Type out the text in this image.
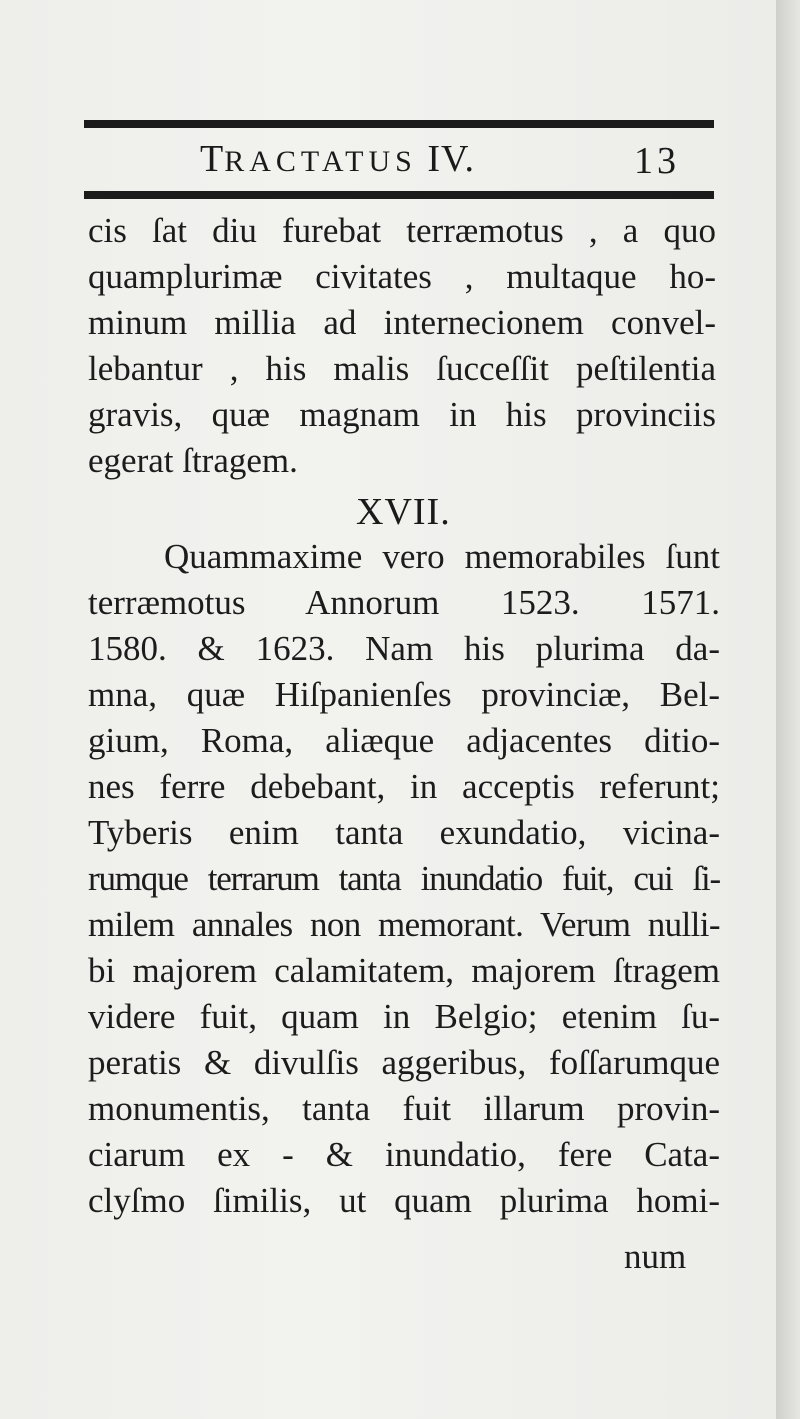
TRACTATUS IV.	13
cis ſat diu furebat terræmotus , a quo
quamplurimæ civitates , multaque ho-
minum millia ad internecionem convel-
lebantur , his malis ſucceſſit peſtilentia
gravis, quæ magnam in his provinciis
egerat ſtragem.
XVII.
Quammaxime vero memorabiles ſunt
terræmotus Annorum 1523. 1571.
1580. & 1623. Nam his plurima da-
mna, quæ Hiſpanienſes provinciæ, Bel-
gium, Roma, aliæque adjacentes ditio-
nes ferre debebant, in acceptis referunt;
Tyberis enim tanta exundatio, vicina-
rumque terrarum tanta inundatio fuit, cui ſi-
milem annales non memorant. Verum nulli-
bi majorem calamitatem, majorem ſtragem
videre fuit, quam in Belgio; etenim ſu-
peratis & divulſis aggeribus, foſſarumque
monumentis, tanta fuit illarum provin-
ciarum ex - & inundatio, fere Cata-
clyſmo ſimilis, ut quam plurima homi-
num
